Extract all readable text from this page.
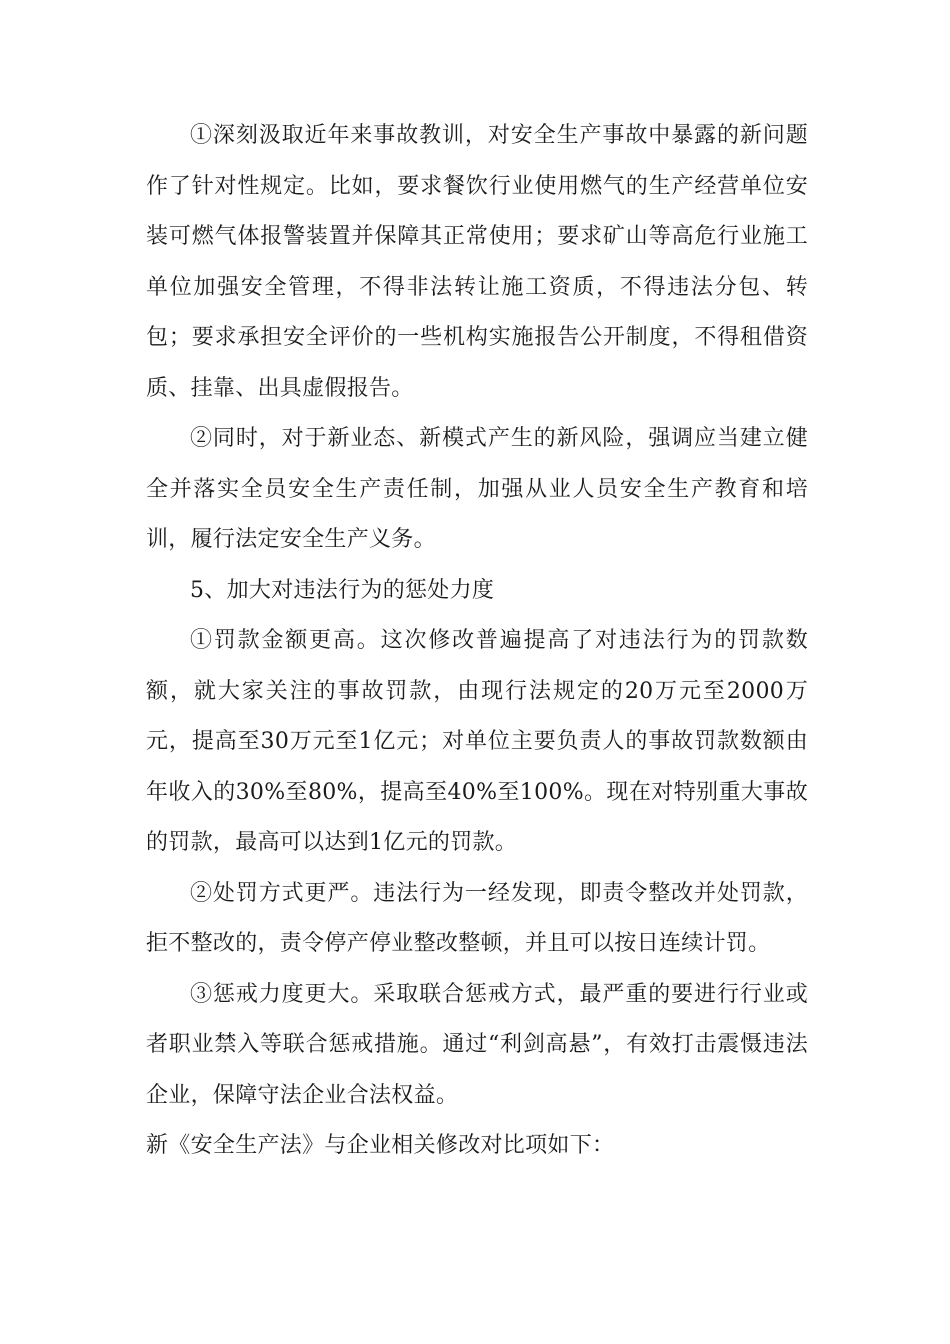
①深刻汲取近年来事故教训，对安全生产事故中暴露的新问题作了针对性规定。比如，要求餐饮行业使用燃气的生产经营单位安装可燃气体报警装置并保障其正常使用；要求矿山等高危行业施工单位加强安全管理，不得非法转让施工资质，不得违法分包、转包；要求承担安全评价的一些机构实施报告公开制度，不得租借资质、挂靠、出具虚假报告。

②同时，对于新业态、新模式产生的新风险，强调应当建立健全并落实全员安全生产责任制，加强从业人员安全生产教育和培训，履行法定安全生产义务。

5、加大对违法行为的惩处力度

①罚款金额更高。这次修改普遍提高了对违法行为的罚款数额，就大家关注的事故罚款，由现行法规定的20万元至2000万元，提高至30万元至1亿元；对单位主要负责人的事故罚款数额由年收入的30%至80%，提高至40%至100%。现在对特别重大事故的罚款，最高可以达到1亿元的罚款。

②处罚方式更严。违法行为一经发现，即责令整改并处罚款，拒不整改的，责令停产停业整改整顿，并且可以按日连续计罚。

③惩戒力度更大。采取联合惩戒方式，最严重的要进行行业或者职业禁入等联合惩戒措施。通过“利剑高悬”，有效打击震慑违法企业，保障守法企业合法权益。

新《安全生产法》与企业相关修改对比项如下：
